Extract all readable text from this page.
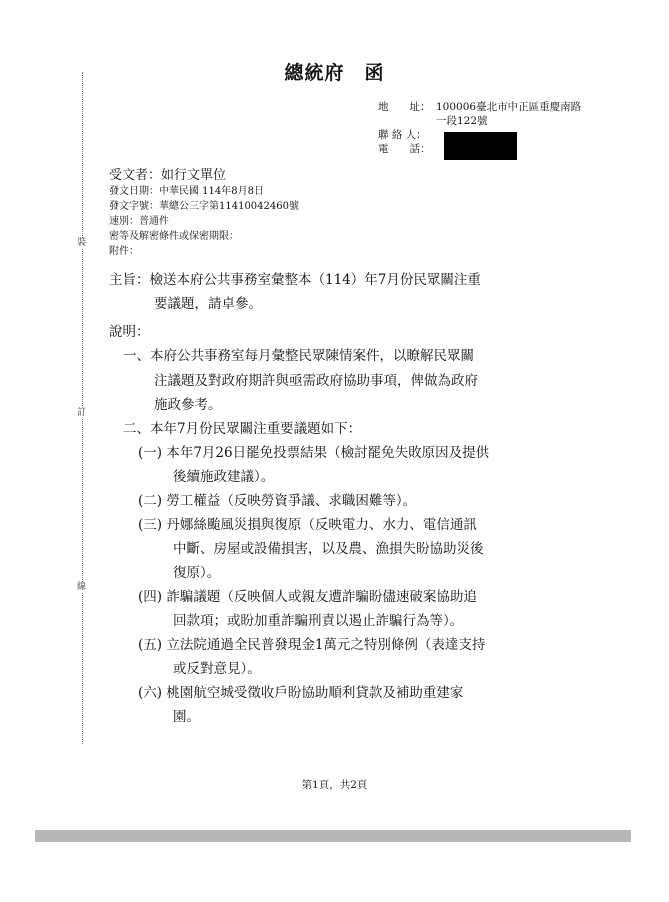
裝
訂
線
總統府　函
地　　址： 100006臺北市中正區重慶南路
一段122號
聯 絡 人：
電　　話：
受文者：如行文單位
發文日期：中華民國 114年8月8日
發文字號：華總公三字第11410042460號
速別：普通件
密等及解密條件或保密期限：
附件：
主旨：檢送本府公共事務室彙整本（114）年7月份民眾關注重
要議題，請卓參。
說明：
一、本府公共事務室每月彙整民眾陳情案件，以瞭解民眾關
注議題及對政府期許與亟需政府協助事項，俾做為政府
施政參考。
二、本年7月份民眾關注重要議題如下：
(一) 本年7月26日罷免投票結果（檢討罷免失敗原因及提供
後續施政建議）。
(二) 勞工權益（反映勞資爭議、求職困難等）。
(三) 丹娜絲颱風災損與復原（反映電力、水力、電信通訊
中斷、房屋或設備損害，以及農、漁損失盼協助災後
復原）。
(四) 詐騙議題（反映個人或親友遭詐騙盼儘速破案協助追
回款項；或盼加重詐騙刑責以遏止詐騙行為等）。
(五) 立法院通過全民普發現金1萬元之特別條例（表達支持
或反對意見）。
(六) 桃園航空城受徵收戶盼協助順利貸款及補助重建家
園。
第1頁，共2頁
